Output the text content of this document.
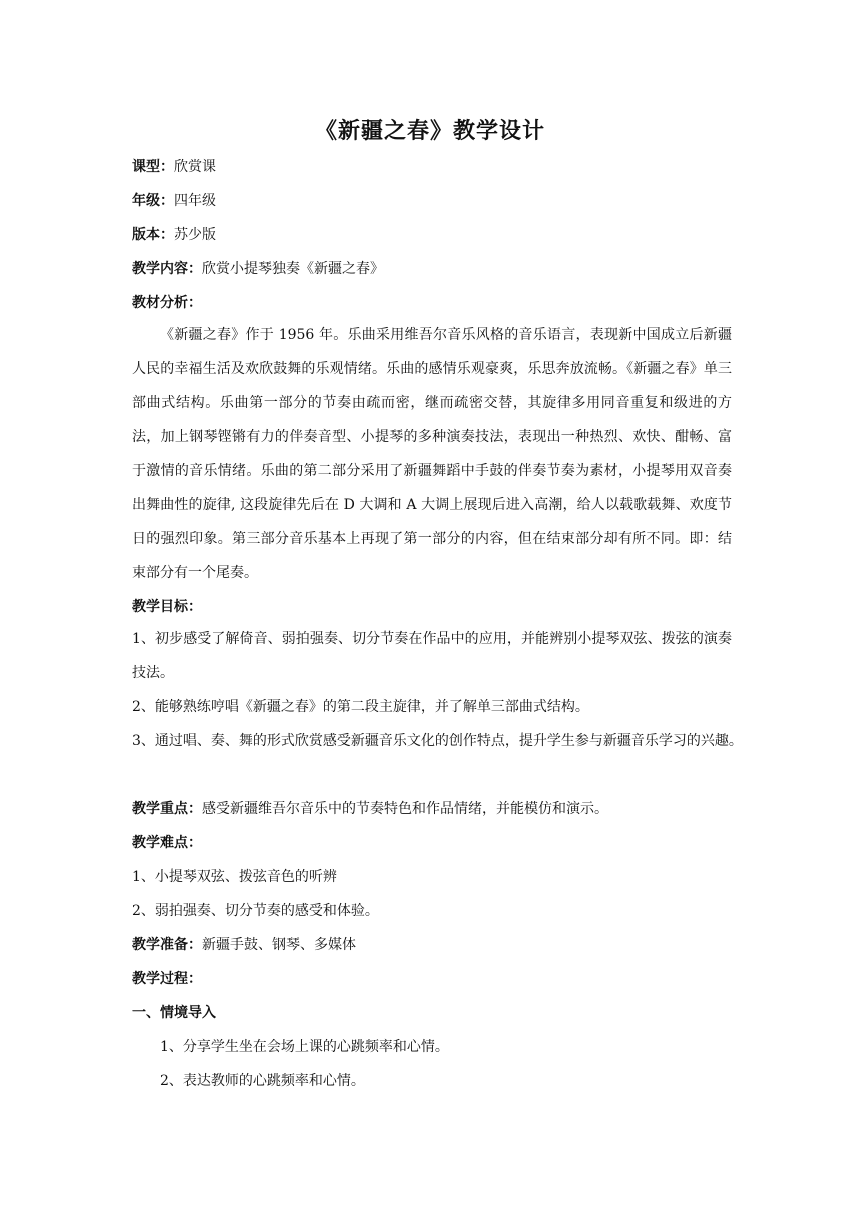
《新疆之春》教学设计
课型：欣赏课
年级：四年级
版本：苏少版
教学内容：欣赏小提琴独奏《新疆之春》
教材分析：
《新疆之春》作于 1956 年。乐曲采用维吾尔音乐风格的音乐语言，表现新中国成立后新疆人民的幸福生活及欢欣鼓舞的乐观情绪。乐曲的感情乐观豪爽，乐思奔放流畅。《新疆之春》单三部曲式结构。乐曲第一部分的节奏由疏而密，继而疏密交替，其旋律多用同音重复和级进的方法，加上钢琴铿锵有力的伴奏音型、小提琴的多种演奏技法，表现出一种热烈、欢快、酣畅、富于激情的音乐情绪。乐曲的第二部分采用了新疆舞蹈中手鼓的伴奏节奏为素材，小提琴用双音奏出舞曲性的旋律, 这段旋律先后在 D 大调和 A 大调上展现后进入高潮，给人以载歌载舞、欢度节日的强烈印象。第三部分音乐基本上再现了第一部分的内容，但在结束部分却有所不同。即：结束部分有一个尾奏。
教学目标：
1、初步感受了解倚音、弱拍强奏、切分节奏在作品中的应用，并能辨别小提琴双弦、拨弦的演奏技法。
2、能够熟练哼唱《新疆之春》的第二段主旋律，并了解单三部曲式结构。
3、通过唱、奏、舞的形式欣赏感受新疆音乐文化的创作特点，提升学生参与新疆音乐学习的兴趣。
教学重点：感受新疆维吾尔音乐中的节奏特色和作品情绪，并能模仿和演示。
教学难点：
1、小提琴双弦、拨弦音色的听辨
2、弱拍强奏、切分节奏的感受和体验。
教学准备：新疆手鼓、钢琴、多媒体
教学过程：
一、情境导入
1、分享学生坐在会场上课的心跳频率和心情。
2、表达教师的心跳频率和心情。
